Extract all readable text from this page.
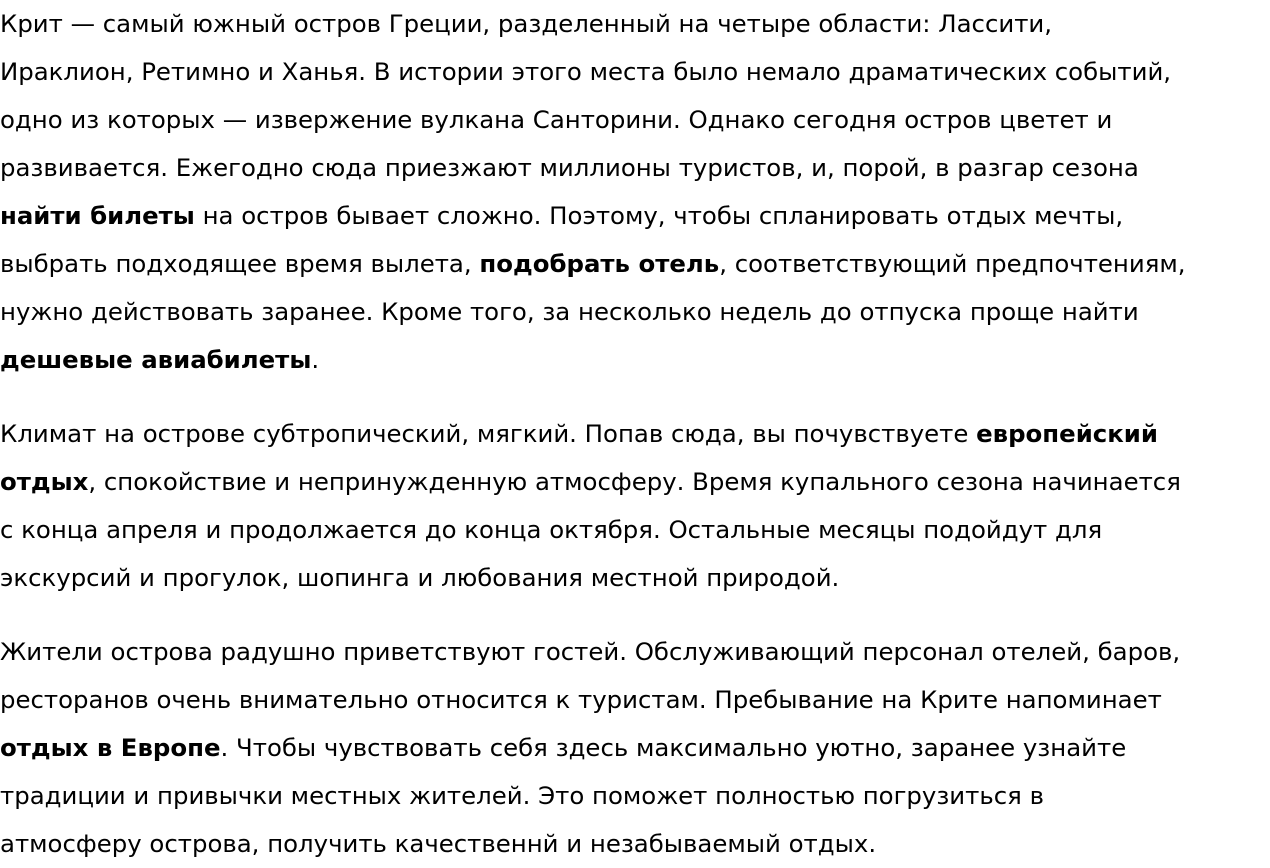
Крит — самый южный остров Греции, разделенный на четыре области: Лассити,
Ираклион, Ретимно и Ханья. В истории этого места было немало драматических событий,
одно из которых — извержение вулкана Санторини. Однако сегодня остров цветет и
развивается. Ежегодно сюда приезжают миллионы туристов, и, порой, в разгар сезона
найти билеты на остров бывает сложно. Поэтому, чтобы спланировать отдых мечты,
выбрать подходящее время вылета, подобрать отель, соответствующий предпочтениям,
нужно действовать заранее. Кроме того, за несколько недель до отпуска проще найти
дешевые авиабилеты.

Климат на острове субтропический, мягкий. Попав сюда, вы почувствуете европейский
отдых, спокойствие и непринужденную атмосферу. Время купального сезона начинается
с конца апреля и продолжается до конца октября. Остальные месяцы подойдут для
экскурсий и прогулок, шопинга и любования местной природой.

Жители острова радушно приветствуют гостей. Обслуживающий персонал отелей, баров,
ресторанов очень внимательно относится к туристам. Пребывание на Крите напоминает
отдых в Европе. Чтобы чувствовать себя здесь максимально уютно, заранее узнайте
традиции и привычки местных жителей. Это поможет полностью погрузиться в
атмосферу острова, получить качественнй и незабываемый отдых.
